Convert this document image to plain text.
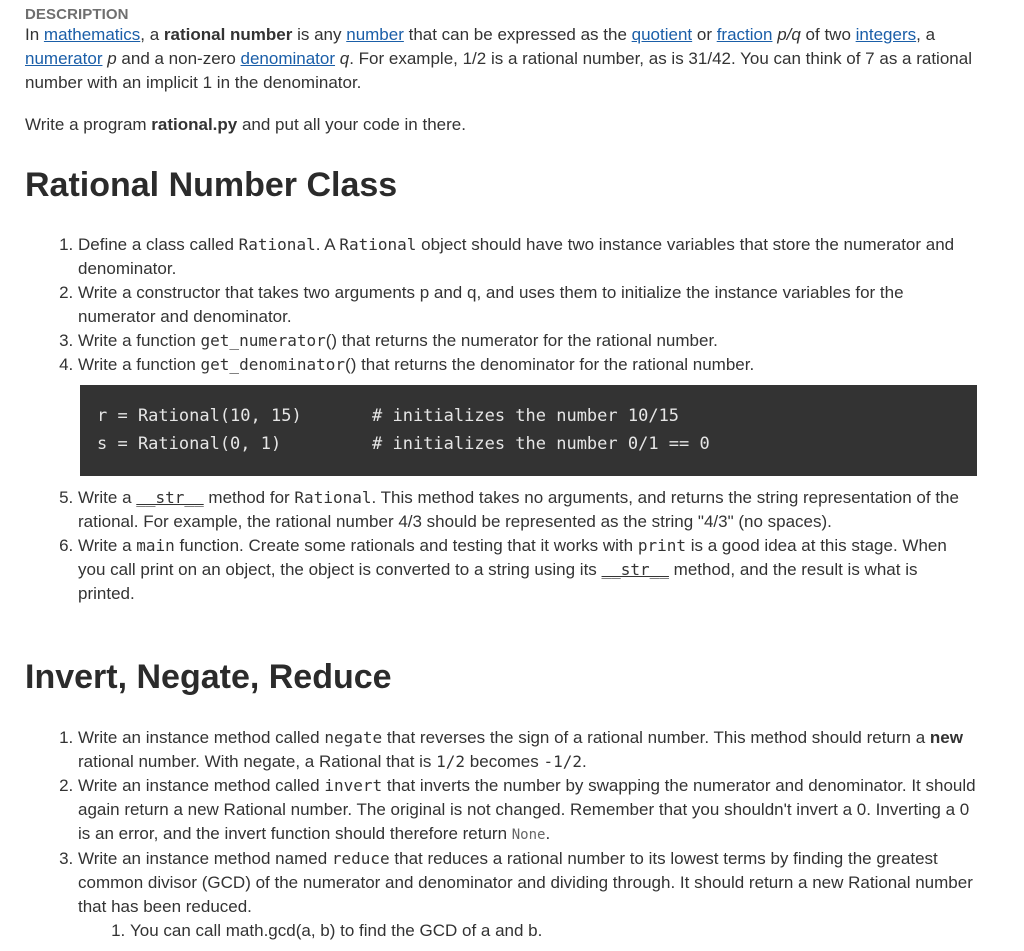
DESCRIPTION

In mathematics, a rational number is any number that can be expressed as the quotient or fraction p/q of two integers, a numerator p and a non-zero denominator q. For example, 1/2 is a rational number, as is 31/42. You can think of 7 as a rational number with an implicit 1 in the denominator.

Write a program rational.py and put all your code in there.

Rational Number Class
1. Define a class called Rational. A Rational object should have two instance variables that store the numerator and denominator.
2. Write a constructor that takes two arguments p and q, and uses them to initialize the instance variables for the numerator and denominator.
3. Write a function get_numerator() that returns the numerator for the rational number.
4. Write a function get_denominator() that returns the denominator for the rational number.
r = Rational(10, 15)	# initializes the number 10/15
s = Rational(0, 1)	# initializes the number 0/1 == 0
5. Write a __str__ method for Rational. This method takes no arguments, and returns the string representation of the rational. For example, the rational number 4/3 should be represented as the string "4/3" (no spaces).
6. Write a main function. Create some rationals and testing that it works with print is a good idea at this stage. When you call print on an object, the object is converted to a string using its __str__ method, and the result is what is printed.
Invert, Negate, Reduce
1. Write an instance method called negate that reverses the sign of a rational number. This method should return a new rational number. With negate, a Rational that is 1/2 becomes -1/2.
2. Write an instance method called invert that inverts the number by swapping the numerator and denominator. It should again return a new Rational number. The original is not changed. Remember that you shouldn't invert a 0. Inverting a 0 is an error, and the invert function should therefore return None.
3. Write an instance method named reduce that reduces a rational number to its lowest terms by finding the greatest common divisor (GCD) of the numerator and denominator and dividing through. It should return a new Rational number that has been reduced.
1. You can call math.gcd(a, b) to find the GCD of a and b.
